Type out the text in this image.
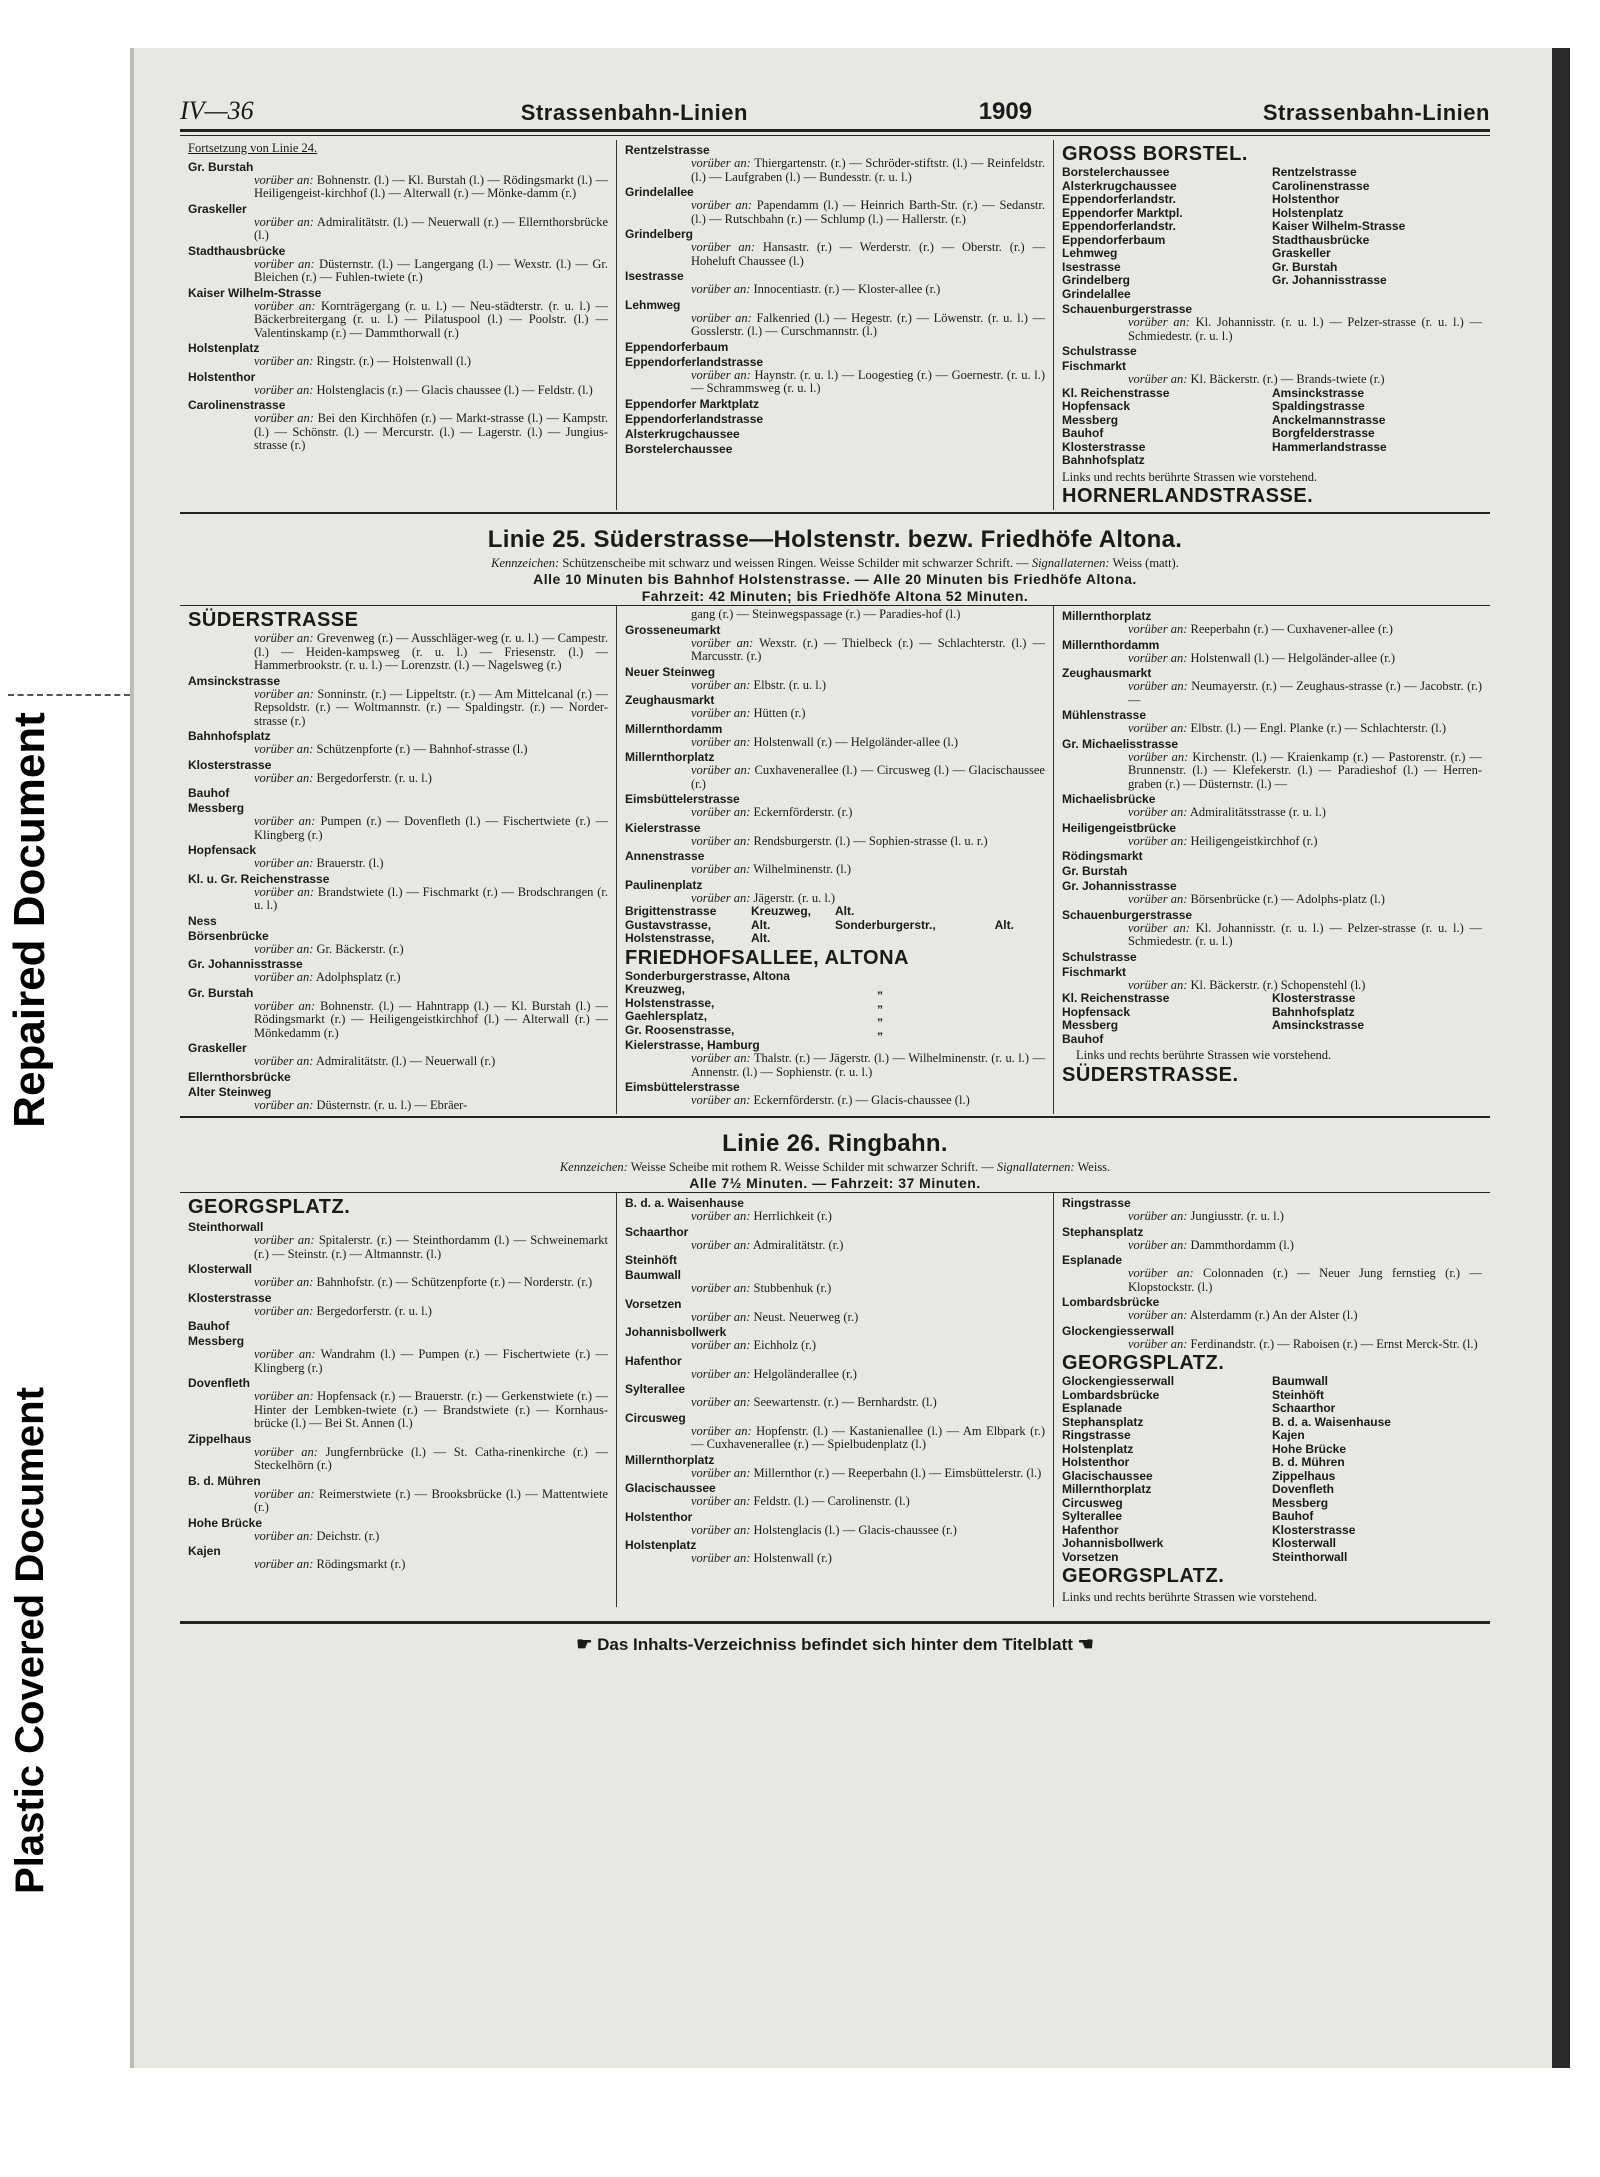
Repaired Document
Plastic Covered Document
IV—36	Strassenbahn-Linien	1909	Strassenbahn-Linien
Fortsetzung von Linie 24.
Gr. Burstah
vorüber an: Bohnenstr. (l.) — Kl. Burstah (l.) — Rödingsmarkt (l.) — Heiligengeist-kirchhof (l.) — Alterwall (r.) — Mönke-damm (r.)
Graskeller
vorüber an: Admiralitätstr. (l.) — Neuerwall (r.) — Ellernthorsbrücke (l.)
Stadthausbrücke
vorüber an: Düsternstr. (l.) — Langergang (l.) — Wexstr. (l.) — Gr. Bleichen (r.) — Fuhlen-twiete (r.)
Kaiser Wilhelm-Strasse
vorüber an: Kornträgergang (r. u. l.) — Neu-städterstr. (r. u. l.) — Bäckerbreitergang (r. u. l.) — Pilatuspool (l.) — Poolstr. (l.) — Valentinskamp (r.) — Dammthorwall (r.)
Holstenplatz
vorüber an: Ringstr. (r.) — Holstenwall (l.)
Holstenthor
vorüber an: Holstenglacis (r.) — Glacis chaussee (l.) — Feldstr. (l.)
Carolinenstrasse
vorüber an: Bei den Kirchhöfen (r.) — Markt-strasse (l.) — Kampstr. (l.) — Schönstr. (l.) — Mercurstr. (l.) — Lagerstr. (l.) — Jungius-strasse (r.)
Rentzelstrasse
vorüber an: Thiergartenstr. (r.) — Schröder-stiftstr. (l.) — Reinfeldstr. (l.) — Laufgraben (l.) — Bundesstr. (r. u. l.)
Grindelallee
vorüber an: Papendamm (l.) — Heinrich Barth-Str. (r.) — Sedanstr. (l.) — Rutschbahn (r.) — Schlump (l.) — Hallerstr. (r.)
Grindelberg
vorüber an: Hansastr. (r.) — Werderstr. (r.) — Oberstr. (r.) — Hoheluft Chaussee (l.)
Isestrasse
vorüber an: Innocentiastr. (r.) — Kloster-allee (r.)
Lehmweg
vorüber an: Falkenried (l.) — Hegestr. (r.) — Löwenstr. (r. u. l.) — Gosslerstr. (l.) — Curschmannstr. (l.)
Eppendorferbaum
Eppendorferlandstrasse
vorüber an: Haynstr. (r. u. l.) — Loogestieg (r.) — Goernestr. (r. u. l.) — Schrammsweg (r. u. l.)
Eppendorfer Marktplatz
Eppendorferlandstrasse
Alsterkrugchaussee
Borstelerchaussee
GROSS BORSTEL.
Borstelerchaussee	Rentzelstrasse
Alsterkrugchaussee	Carolinenstrasse
Eppendorferlandstr.	Holstenthor
Eppendorfer Marktpl.	Holstenplatz
Eppendorferlandstr.	Kaiser Wilhelm-Strasse
Eppendorferbaum	Stadthausbrücke
Lehmweg	Graskeller
Isestrasse	Gr. Burstah
Grindelberg	Gr. Johannisstrasse
Grindelallee
Schauenburgerstrasse
vorüber an: Kl. Johannisstr. (r. u. l.) — Pelzer-strasse (r. u. l.) — Schmiedestr. (r. u. l.)
Schulstrasse
Fischmarkt
vorüber an: Kl. Bäckerstr. (r.) — Brands-twiete (r.)
Kl. Reichenstrasse	Amsinckstrasse
Hopfensack	Spaldingstrasse
Messberg	Anckelmannstrasse
Bauhof	Borgfelderstrasse
Klosterstrasse	Hammerlandstrasse
Bahnhofsplatz
Links und rechts berührte Strassen wie vorstehend.
HORNERLANDSTRASSE.
Linie 25. Süderstrasse—Holstenstr. bezw. Friedhöfe Altona.
Kennzeichen: Schützenscheibe mit schwarz und weissen Ringen. Weisse Schilder mit schwarzer Schrift. — Signallaternen: Weiss (matt).
Alle 10 Minuten bis Bahnhof Holstenstrasse. — Alle 20 Minuten bis Friedhöfe Altona.
Fahrzeit: 42 Minuten; bis Friedhöfe Altona 52 Minuten.
SÜDERSTRASSE
vorüber an: Grevenweg (r.) — Ausschläger-weg (r. u. l.) — Campestr. (l.) — Heiden-kampsweg (r. u. l.) — Friesenstr. (l.) — Hammerbrookstr. (r. u. l.) — Lorenzstr. (l.) — Nagelsweg (r.)
Amsinckstrasse
vorüber an: Sonninstr. (r.) — Lippeltstr. (r.) — Am Mittelcanal (r.) — Repsoldstr. (r.) — Woltmannstr. (r.) — Spaldingstr. (r.) — Norder-strasse (r.)
Bahnhofsplatz
vorüber an: Schützenpforte (r.) — Bahnhof-strasse (l.)
Klosterstrasse
vorüber an: Bergedorferstr. (r. u. l.)
Bauhof
Messberg
vorüber an: Pumpen (r.) — Dovenfleth (l.) — Fischertwiete (r.) — Klingberg (r.)
Hopfensack
vorüber an: Brauerstr. (l.)
Kl. u. Gr. Reichenstrasse
vorüber an: Brandstwiete (l.) — Fischmarkt (r.) — Brodschrangen (r. u. l.)
Ness
Börsenbrücke
vorüber an: Gr. Bäckerstr. (r.)
Gr. Johannisstrasse
vorüber an: Adolphsplatz (r.)
Gr. Burstah
vorüber an: Bohnenstr. (l.) — Hahntrapp (l.) — Kl. Burstah (l.) — Rödingsmarkt (r.) — Heiligengeistkirchhof (l.) — Alterwall (r.) — Mönkedamm (r.)
Graskeller
vorüber an: Admiralitätstr. (l.) — Neuerwall (r.)
Ellernthorsbrücke
Alter Steinweg
vorüber an: Düsternstr. (r. u. l.) — Ebräer-
gang (r.) — Steinwegspassage (r.) — Paradies-hof (l.)
Grosseneumarkt
vorüber an: Wexstr. (r.) — Thielbeck (r.) — Schlachterstr. (l.) — Marcusstr. (r.)
Neuer Steinweg
vorüber an: Elbstr. (r. u. l.)
Zeughausmarkt
vorüber an: Hütten (r.)
Millernthordamm
vorüber an: Holstenwall (r.) — Helgoländer-allee (l.)
Millernthorplatz
vorüber an: Cuxhavenerallee (l.) — Circusweg (l.) — Glacischaussee (r.)
Eimsbüttelerstrasse
vorüber an: Eckernförderstr. (r.)
Kielerstrasse
vorüber an: Rendsburgerstr. (l.) — Sophien-strasse (l. u. r.)
Annenstrasse
vorüber an: Wilhelminenstr. (l.)
Paulinenplatz
vorüber an: Jägerstr. (r. u. l.)
Brigittenstrasse	Kreuzweg,	Alt.
Gustavstrasse,	Alt.	Sonderburgerstr.,	Alt.
Holstenstrasse,	Alt.
FRIEDHOFSALLEE, ALTONA
Sonderburgerstrasse, Altona
Kreuzweg,	„
Holstenstrasse,	„
Gaehlersplatz,	„
Gr. Roosenstrasse,	„
Kielerstrasse, Hamburg
vorüber an: Thalstr. (r.) — Jägerstr. (l.) — Wilhelminenstr. (r. u. l.) — Annenstr. (l.) — Sophienstr. (r. u. l.)
Eimsbüttelerstrasse
vorüber an: Eckernförderstr. (r.) — Glacis-chaussee (l.)
Millernthorplatz
vorüber an: Reeperbahn (r.) — Cuxhavener-allee (r.)
Millernthordamm
vorüber an: Holstenwall (l.) — Helgoländer-allee (r.)
Zeughausmarkt
vorüber an: Neumayerstr. (r.) — Zeughaus-strasse (r.) — Jacobstr. (r.) —
Mühlenstrasse
vorüber an: Elbstr. (l.) — Engl. Planke (r.) — Schlachterstr. (l.)
Gr. Michaelisstrasse
vorüber an: Kirchenstr. (l.) — Kraienkamp (r.) — Pastorenstr. (r.) — Brunnenstr. (l.) — Klefekerstr. (l.) — Paradieshof (l.) — Herren-graben (r.) — Düsternstr. (l.) —
Michaelisbrücke
vorüber an: Admiralitätsstrasse (r. u. l.)
Heiligengeistbrücke
vorüber an: Heiligengeistkirchhof (r.)
Rödingsmarkt
Gr. Burstah
Gr. Johannisstrasse
vorüber an: Börsenbrücke (r.) — Adolphs-platz (l.)
Schauenburgerstrasse
vorüber an: Kl. Johannisstr. (r. u. l.) — Pelzer-strasse (r. u. l.) — Schmiedestr. (r. u. l.)
Schulstrasse
Fischmarkt
vorüber an: Kl. Bäckerstr. (r.) Schopenstehl (l.)
Kl. Reichenstrasse	Klosterstrasse
Hopfensack	Bahnhofsplatz
Messberg	Amsinckstrasse
Bauhof
Links und rechts berührte Strassen wie vorstehend.
SÜDERSTRASSE.
Linie 26. Ringbahn.
Kennzeichen: Weisse Scheibe mit rothem R. Weisse Schilder mit schwarzer Schrift. — Signallaternen: Weiss.
Alle 7½ Minuten. — Fahrzeit: 37 Minuten.
GEORGSPLATZ.
Steinthorwall
vorüber an: Spitalerstr. (r.) — Steinthordamm (l.) — Schweinemarkt (r.) — Steinstr. (r.) — Altmannstr. (l.)
Klosterwall
vorüber an: Bahnhofstr. (r.) — Schützenpforte (r.) — Norderstr. (r.)
Klosterstrasse
vorüber an: Bergedorferstr. (r. u. l.)
Bauhof
Messberg
vorüber an: Wandrahm (l.) — Pumpen (r.) — Fischertwiete (r.) — Klingberg (r.)
Dovenfleth
vorüber an: Hopfensack (r.) — Brauerstr. (r.) — Gerkenstwiete (r.) — Hinter der Lembken-twiete (r.) — Brandstwiete (r.) — Kornhaus-brücke (l.) — Bei St. Annen (l.)
Zippelhaus
vorüber an: Jungfernbrücke (l.) — St. Catha-rinenkirche (r.) — Steckelhörn (r.)
B. d. Mühren
vorüber an: Reimerstwiete (r.) — Brooksbrücke (l.) — Mattentwiete (r.)
Hohe Brücke
vorüber an: Deichstr. (r.)
Kajen
vorüber an: Rödingsmarkt (r.)
B. d. a. Waisenhause
vorüber an: Herrlichkeit (r.)
Schaarthor
vorüber an: Admiralitätstr. (r.)
Steinhöft
Baumwall
vorüber an: Stubbenhuk (r.)
Vorsetzen
vorüber an: Neust. Neuerweg (r.)
Johannisbollwerk
vorüber an: Eichholz (r.)
Hafenthor
vorüber an: Helgoländerallee (r.)
Sylterallee
vorüber an: Seewartenstr. (r.) — Bernhardstr. (l.)
Circusweg
vorüber an: Hopfenstr. (l.) — Kastanienallee (l.) — Am Elbpark (r.) — Cuxhavenerallee (r.) — Spielbudenplatz (l.)
Millernthorplatz
vorüber an: Millernthor (r.) — Reeperbahn (l.) — Eimsbüttelerstr. (l.)
Glacischaussee
vorüber an: Feldstr. (l.) — Carolinenstr. (l.)
Holstenthor
vorüber an: Holstenglacis (l.) — Glacis-chaussee (r.)
Holstenplatz
vorüber an: Holstenwall (r.)
Ringstrasse
vorüber an: Jungiusstr. (r. u. l.)
Stephansplatz
vorüber an: Dammthordamm (l.)
Esplanade
vorüber an: Colonnaden (r.) — Neuer Jung fernstieg (r.) — Klopstockstr. (l.)
Lombardsbrücke
vorüber an: Alsterdamm (r.) An der Alster (l.)
Glockengiesserwall
vorüber an: Ferdinandstr. (r.) — Raboisen (r.) — Ernst Merck-Str. (l.)
GEORGSPLATZ.
Glockengiesserwall	Baumwall
Lombardsbrücke	Steinhöft
Esplanade	Schaarthor
Stephansplatz	B. d. a. Waisenhause
Ringstrasse	Kajen
Holstenplatz	Hohe Brücke
Holstenthor	B. d. Mühren
Glacischaussee	Zippelhaus
Millernthorplatz	Dovenfleth
Circusweg	Messberg
Sylterallee	Bauhof
Hafenthor	Klosterstrasse
Johannisbollwerk	Klosterwall
Vorsetzen	Steinthorwall
GEORGSPLATZ.
Links und rechts berührte Strassen wie vorstehend.
☛ Das Inhalts-Verzeichniss befindet sich hinter dem Titelblatt ☚
